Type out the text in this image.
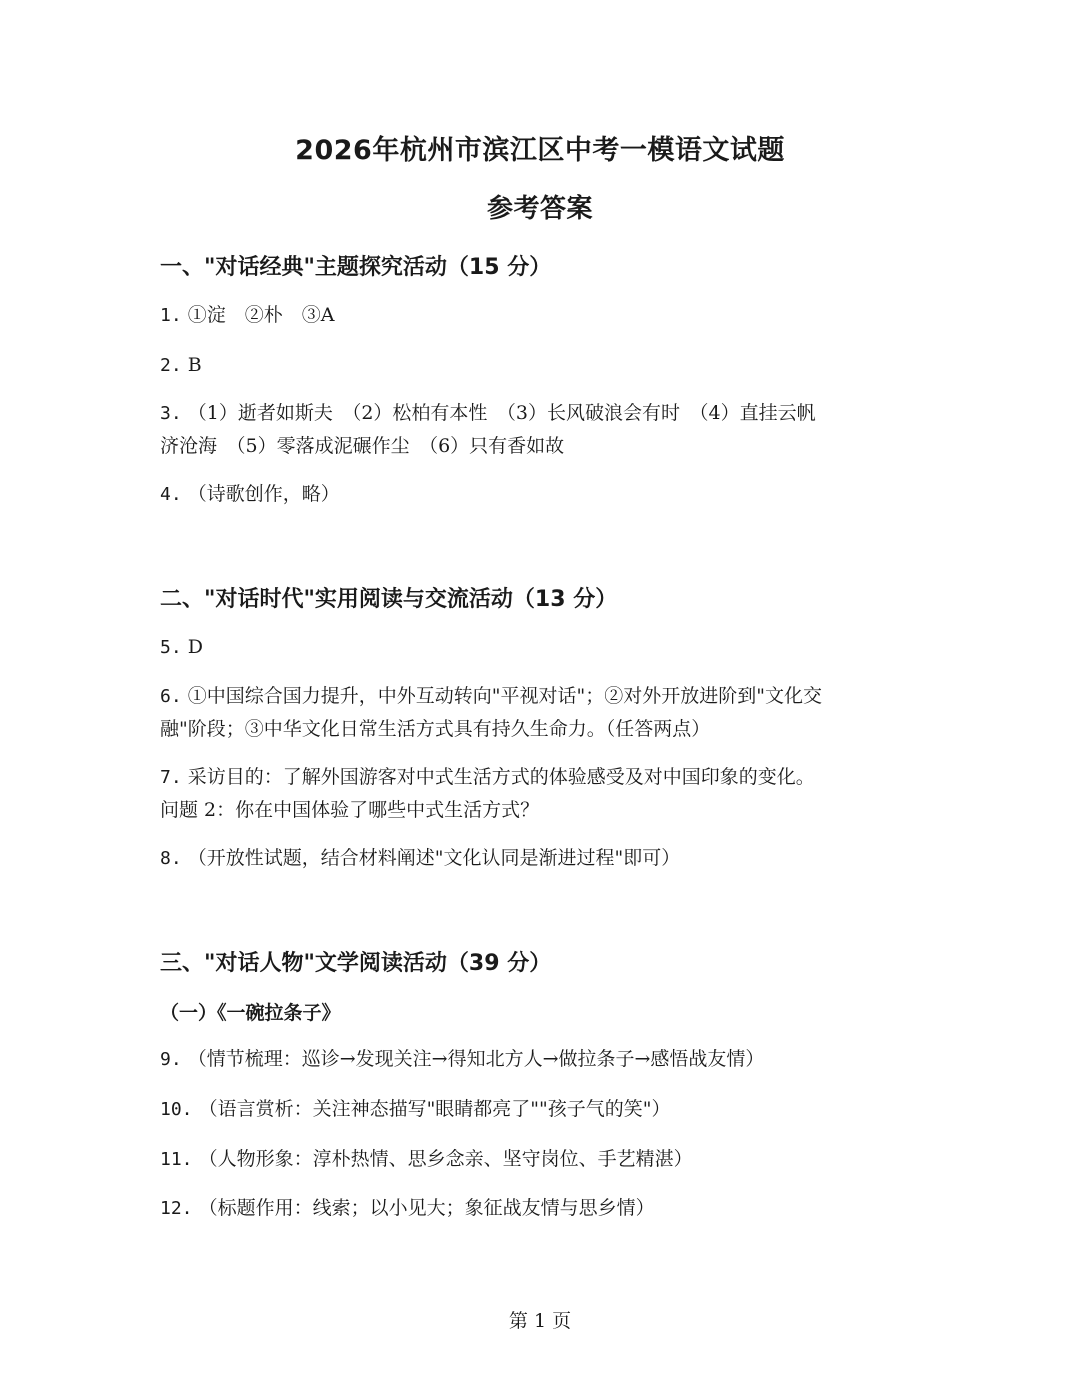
2026年杭州市滨江区中考一模语文试题
参考答案
一、"对话经典"主题探究活动（15 分）
1. ①淀　②朴　③A
2. B
3. （1）逝者如斯夫　（2）松柏有本性　（3）长风破浪会有时　（4）直挂云帆
济沧海　（5）零落成泥碾作尘　（6）只有香如故
4. （诗歌创作，略）
二、"对话时代"实用阅读与交流活动（13 分）
5. D
6. ①中国综合国力提升，中外互动转向"平视对话"；②对外开放进阶到"文化交
融"阶段；③中华文化日常生活方式具有持久生命力。（任答两点）
7. 采访目的：了解外国游客对中式生活方式的体验感受及对中国印象的变化。
问题 2：你在中国体验了哪些中式生活方式？
8. （开放性试题，结合材料阐述"文化认同是渐进过程"即可）
三、"对话人物"文学阅读活动（39 分）
（一）《一碗拉条子》
9. （情节梳理：巡诊→发现关注→得知北方人→做拉条子→感悟战友情）
10. （语言赏析：关注神态描写"眼睛都亮了""孩子气的笑"）
11. （人物形象：淳朴热情、思乡念亲、坚守岗位、手艺精湛）
12. （标题作用：线索；以小见大；象征战友情与思乡情）
第 1 页
